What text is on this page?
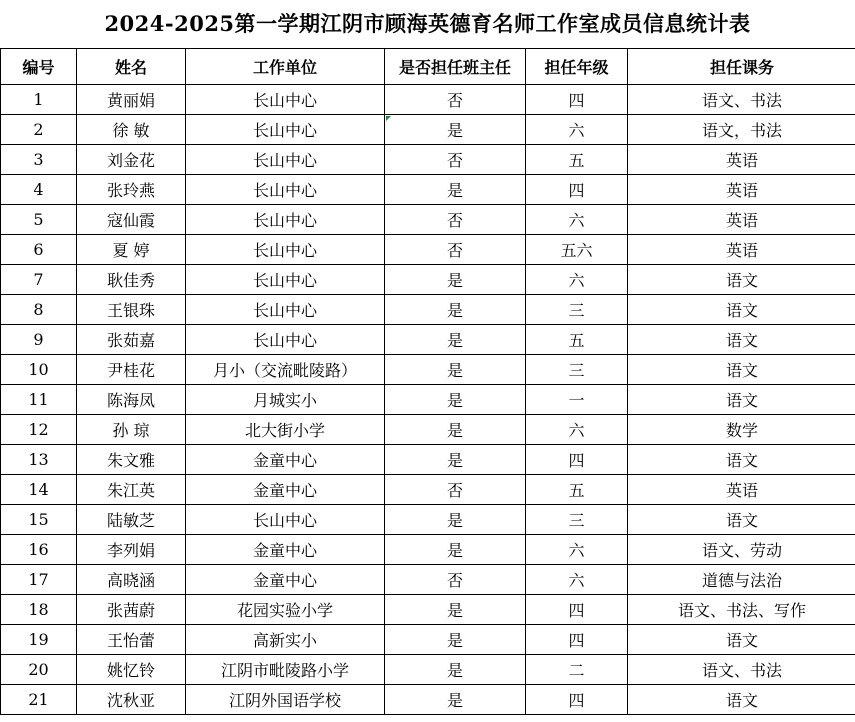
2024-2025第一学期江阴市顾海英德育名师工作室成员信息统计表
编号	姓名	工作单位	是否担任班主任	担任年级	担任课务
1	黄丽娟	长山中心	否	四	语文、书法
2	徐 敏	长山中心	是	六	语文，书法
3	刘金花	长山中心	否	五	英语
4	张玲燕	长山中心	是	四	英语
5	寇仙霞	长山中心	否	六	英语
6	夏 婷	长山中心	否	五六	英语
7	耿佳秀	长山中心	是	六	语文
8	王银珠	长山中心	是	三	语文
9	张茹嘉	长山中心	是	五	语文
10	尹桂花	月小（交流毗陵路）	是	三	语文
11	陈海凤	月城实小	是	一	语文
12	孙 琼	北大街小学	是	六	数学
13	朱文雅	金童中心	是	四	语文
14	朱江英	金童中心	否	五	英语
15	陆敏芝	长山中心	是	三	语文
16	李列娟	金童中心	是	六	语文、劳动
17	高晓涵	金童中心	否	六	道德与法治
18	张茜蔚	花园实验小学	是	四	语文、书法、写作
19	王怡蕾	高新实小	是	四	语文
20	姚忆铃	江阴市毗陵路小学	是	二	语文、书法
21	沈秋亚	江阴外国语学校	是	四	语文
